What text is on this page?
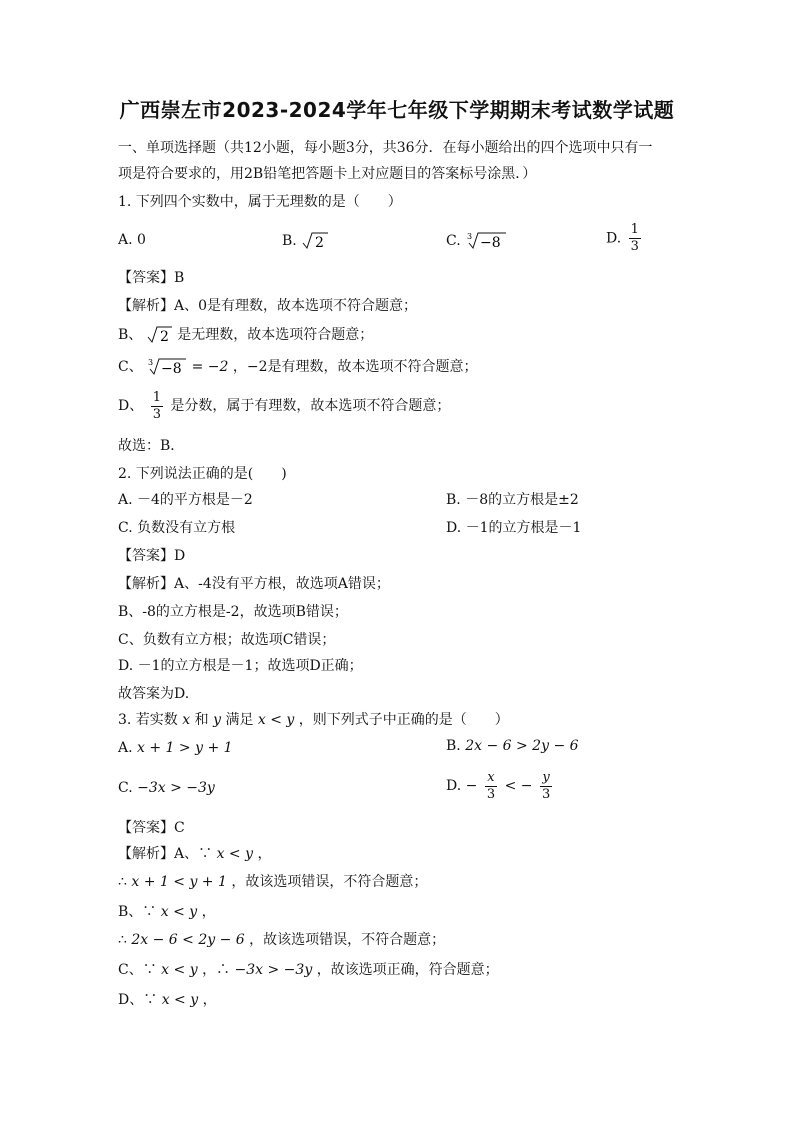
广西崇左市2023-2024学年七年级下学期期末考试数学试题
一、单项选择题（共12小题，每小题3分，共36分．在每小题给出的四个选项中只有一
项是符合要求的，用2B铅笔把答题卡上对应题目的答案标号涂黑．）
1. 下列四个实数中，属于无理数的是（　　）
A. 0	B. 2	C. 3 −8	D. $\frac{1}{3}$
【答案】B
【解析】A、0是有理数，故本选项不符合题意；
B、 2 是无理数，故本选项符合题意；
C、 3 −8 = −2 ，−2是有理数，故本选项不符合题意；
D、 $\frac{1}{3}$ 是分数，属于有理数，故本选项不符合题意；
故选：B．
2. 下列说法正确的是(　　)
A. －4的平方根是－2	B. －8的立方根是±2
C. 负数没有立方根	D. －1的立方根是－1
【答案】D
【解析】A、-4没有平方根，故选项A错误；
B、-8的立方根是-2，故选项B错误；
C、负数有立方根；故选项C错误；
D. －1的立方根是－1；故选项D正确；
故答案为D.
3. 若实数 x 和 y 满足 x < y ，则下列式子中正确的是（　　）
A. x + 1 > y + 1	B. 2x − 6 > 2y − 6
C. −3x > −3y	D. − $\frac{x}{3}$ < − $\frac{y}{3}$
【答案】C
【解析】A、∵ x < y ，
∴ x + 1 < y + 1 ，故该选项错误，不符合题意；
B、∵ x < y ，
∴ 2x − 6 < 2y − 6 ，故该选项错误，不符合题意；
C、∵ x < y ，∴ −3x > −3y ，故该选项正确，符合题意；
D、∵ x < y ，
